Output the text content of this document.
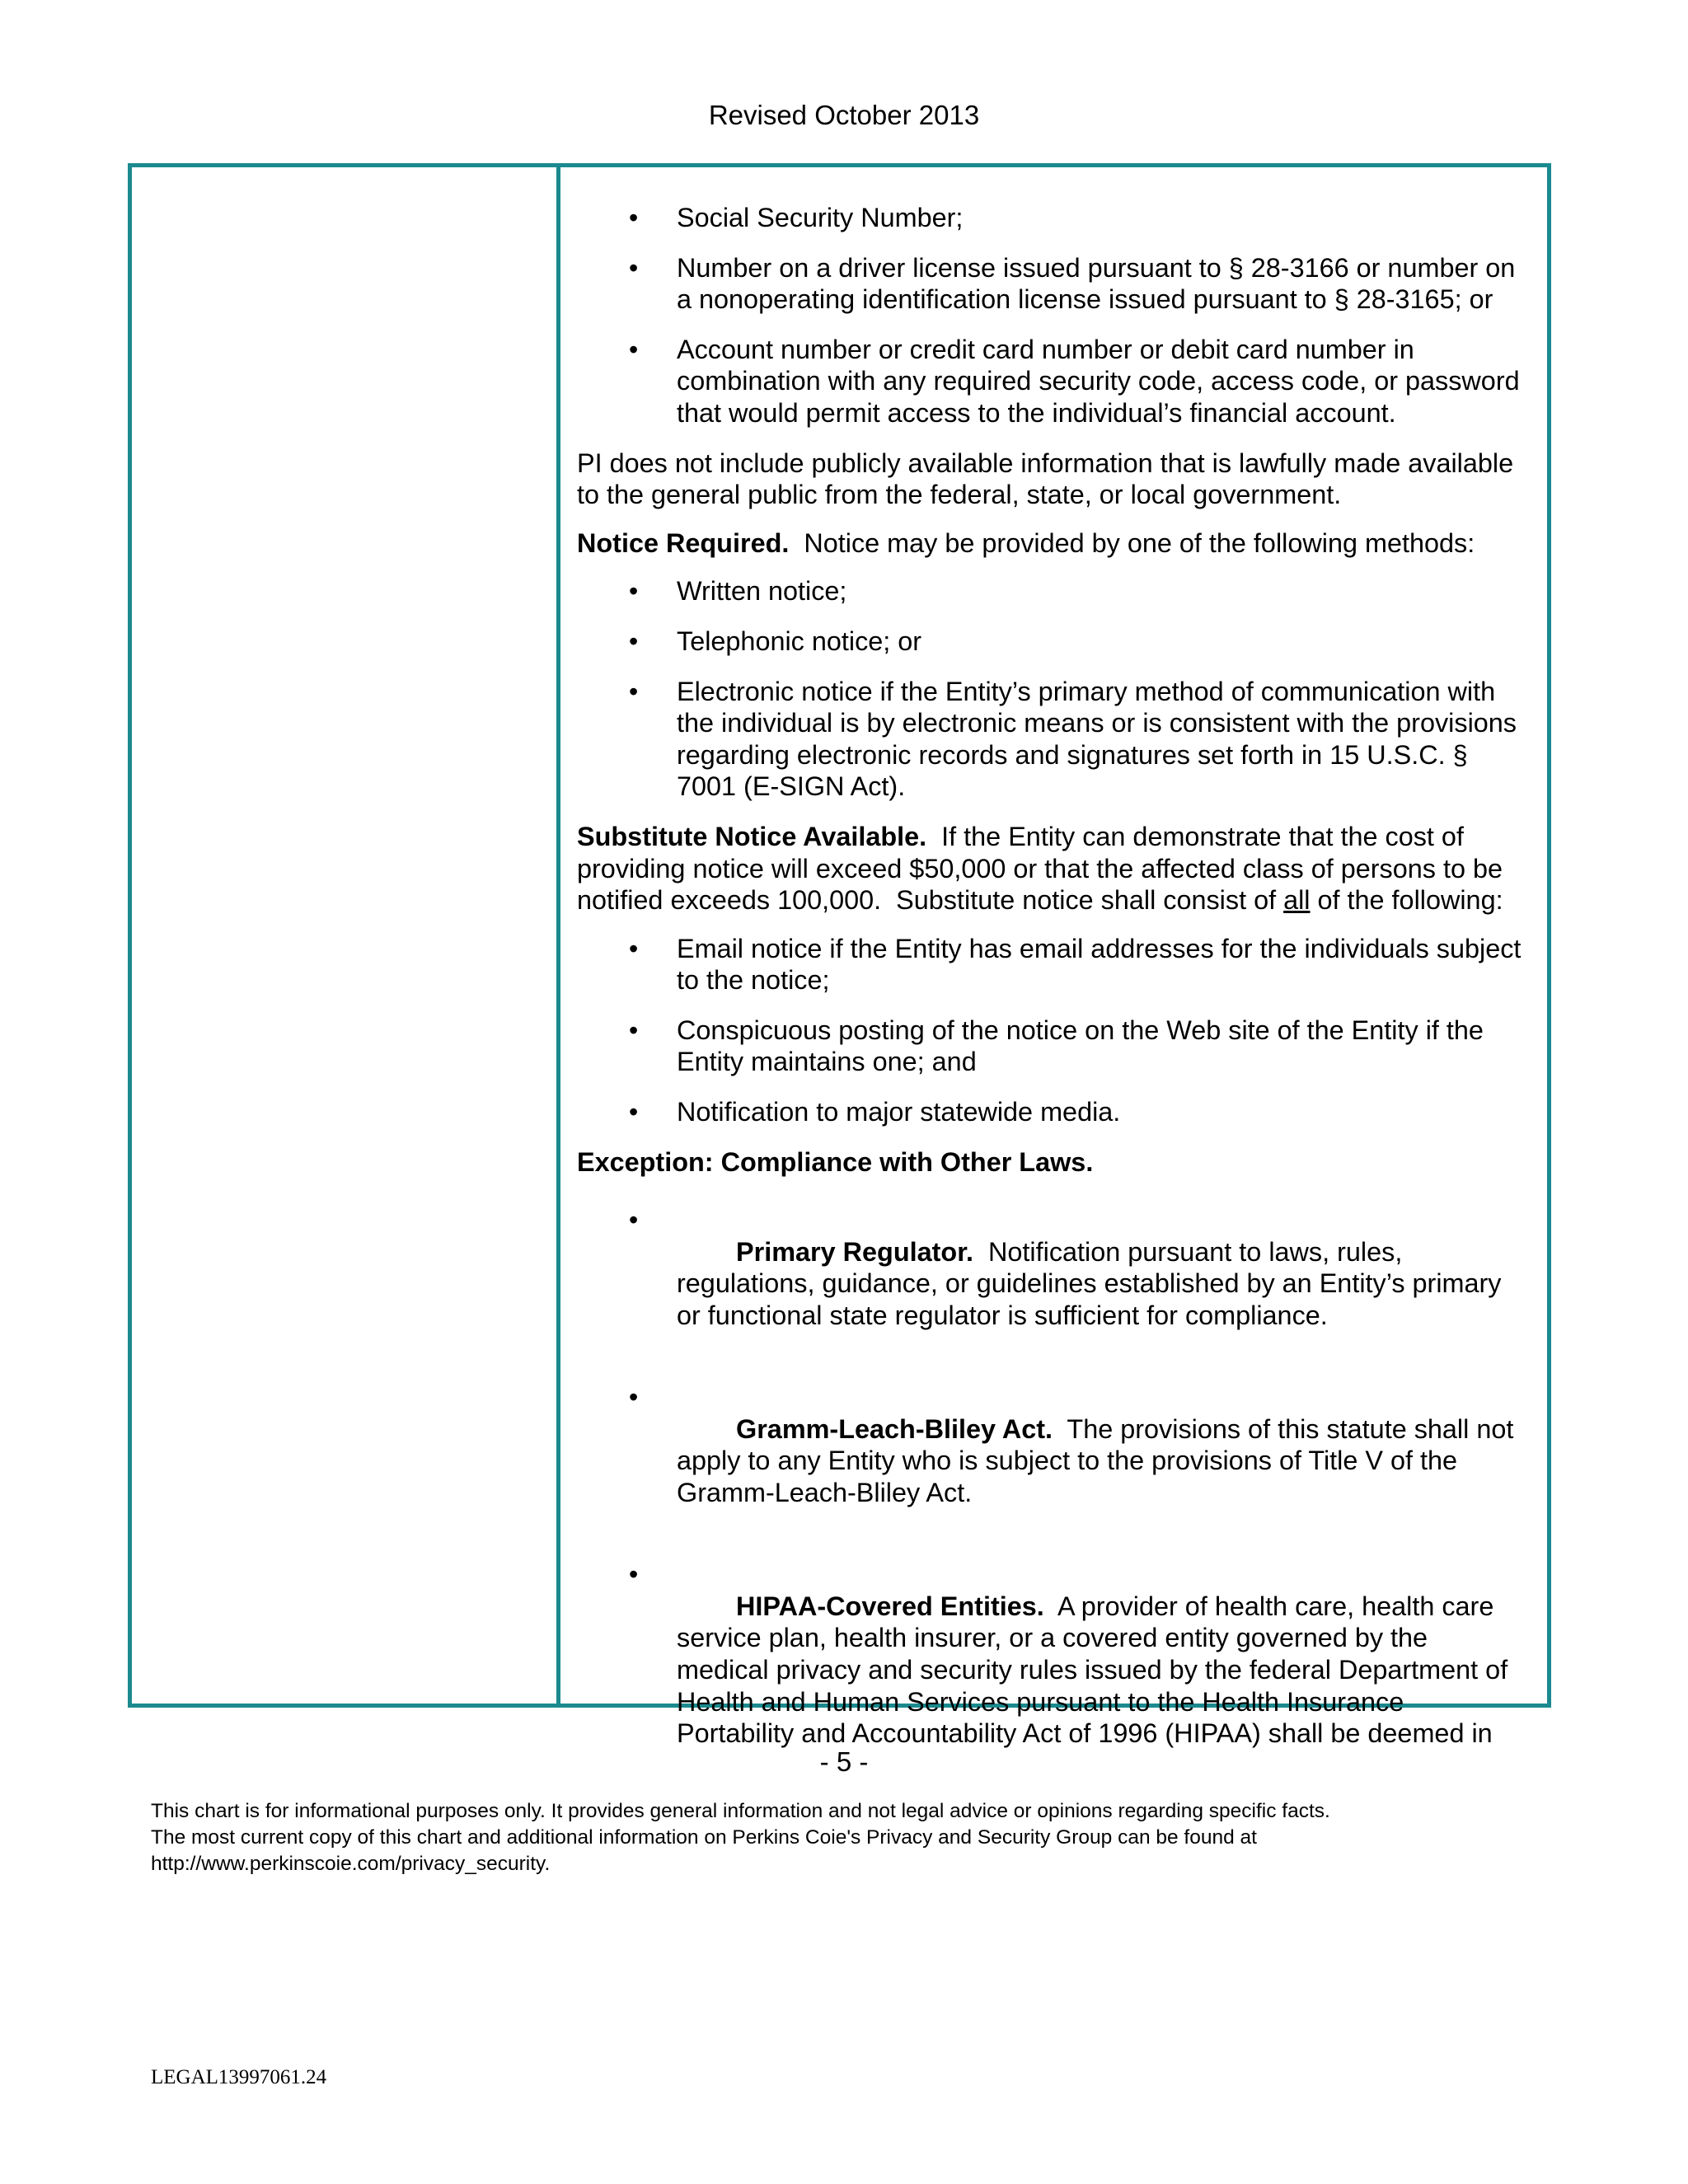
Revised October 2013
• Social Security Number;
• Number on a driver license issued pursuant to § 28-3166 or number on a nonoperating identification license issued pursuant to § 28-3165; or
• Account number or credit card number or debit card number in combination with any required security code, access code, or password that would permit access to the individual’s financial account.

PI does not include publicly available information that is lawfully made available to the general public from the federal, state, or local government.

Notice Required.  Notice may be provided by one of the following methods:

• Written notice;
• Telephonic notice; or
• Electronic notice if the Entity’s primary method of communication with the individual is by electronic means or is consistent with the provisions regarding electronic records and signatures set forth in 15 U.S.C. § 7001 (E-SIGN Act).

Substitute Notice Available.  If the Entity can demonstrate that the cost of providing notice will exceed $50,000 or that the affected class of persons to be notified exceeds 100,000.  Substitute notice shall consist of all of the following:

• Email notice if the Entity has email addresses for the individuals subject to the notice;
• Conspicuous posting of the notice on the Web site of the Entity if the Entity maintains one; and
• Notification to major statewide media.

Exception: Compliance with Other Laws.

•
Primary Regulator.  Notification pursuant to laws, rules, regulations, guidance, or guidelines established by an Entity’s primary or functional state regulator is sufficient for compliance.

•
Gramm-Leach-Bliley Act.  The provisions of this statute shall not apply to any Entity who is subject to the provisions of Title V of the Gramm-Leach-Bliley Act.

•
HIPAA-Covered Entities.  A provider of health care, health care service plan, health insurer, or a covered entity governed by the medical privacy and security rules issued by the federal Department of Health and Human Services pursuant to the Health Insurance Portability and Accountability Act of 1996 (HIPAA) shall be deemed in

- 5 -
This chart is for informational purposes only. It provides general information and not legal advice or opinions regarding specific facts.
The most current copy of this chart and additional information on Perkins Coie's Privacy and Security Group can be found at
http://www.perkinscoie.com/privacy_security.
LEGAL13997061.24
